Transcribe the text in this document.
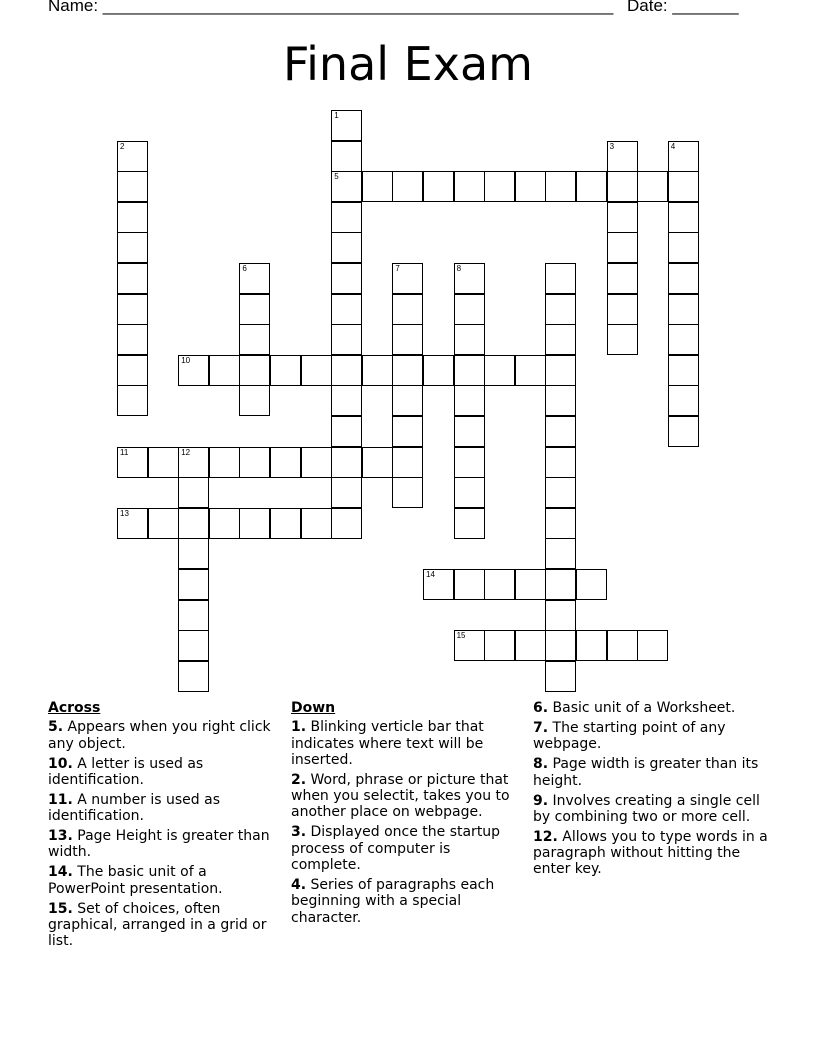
Name: ______________________________________________________ Date: _______
Final Exam
1
5
2	3	4
6	7	8
10
11	12
13
14
15
Across
5. Appears when you right click any object.
10. A letter is used as identification.
11. A number is used as identification.
13. Page Height is greater than width.
14. The basic unit of a PowerPoint presentation.
15. Set of choices, often graphical, arranged in a grid or list.
Down
1. Blinking verticle bar that indicates where text will be inserted.
2. Word, phrase or picture that when you selectit, takes you to another place on webpage.
3. Displayed once the startup process of computer is complete.
4. Series of paragraphs each beginning with a special character.
6. Basic unit of a Worksheet.
7. The starting point of any webpage.
8. Page width is greater than its height.
9. Involves creating a single cell by combining two or more cell.
12. Allows you to type words in a paragraph without hitting the enter key.
